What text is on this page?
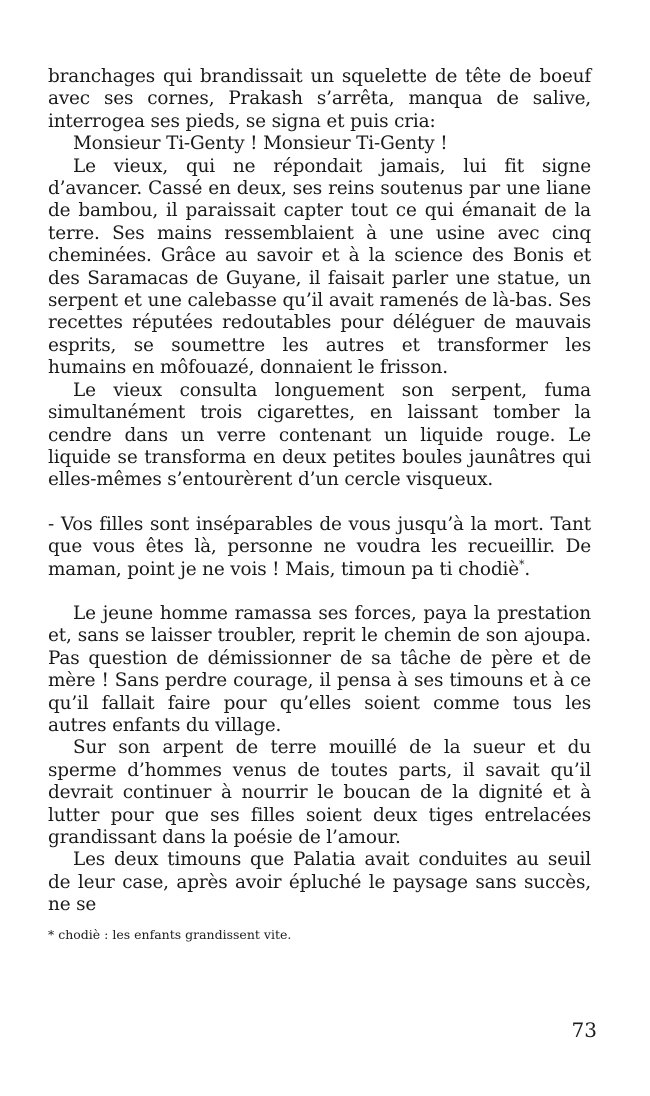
branchages qui brandissait un squelette de tête de boeuf avec ses cornes, Prakash s’arrêta, manqua de salive, interrogea ses pieds, se signa et puis cria:

Monsieur Ti-Genty ! Monsieur Ti-Genty !

Le vieux, qui ne répondait jamais, lui fit signe d’avancer. Cassé en deux, ses reins soutenus par une liane de bambou, il paraissait capter tout ce qui émanait de la terre. Ses mains ressemblaient à une usine avec cinq cheminées. Grâce au savoir et à la science des Bonis et des Saramacas de Guyane, il faisait parler une statue, un serpent et une calebasse qu’il avait ramenés de là-bas. Ses recettes réputées redoutables pour déléguer de mauvais esprits, se soumettre les autres et transformer les humains en môfouazé, donnaient le frisson.

Le vieux consulta longuement son serpent, fuma simultanément trois cigarettes, en laissant tomber la cendre dans un verre contenant un liquide rouge. Le liquide se transforma en deux petites boules jaunâtres qui elles-mêmes s’entourèrent d’un cercle visqueux.

- Vos filles sont inséparables de vous jusqu’à la mort. Tant que vous êtes là, personne ne voudra les recueillir. De maman, point je ne vois ! Mais, timoun pa ti chodiè*.

Le jeune homme ramassa ses forces, paya la prestation et, sans se laisser troubler, reprit le chemin de son ajoupa. Pas question de démissionner de sa tâche de père et de mère ! Sans perdre courage, il pensa à ses timouns et à ce qu’il fallait faire pour qu’elles soient comme tous les autres enfants du village.

Sur son arpent de terre mouillé de la sueur et du sperme d’hommes venus de toutes parts, il savait qu’il devrait continuer à nourrir le boucan de la dignité et à lutter pour que ses filles soient deux tiges entrelacées grandissant dans la poésie de l’amour.

Les deux timouns que Palatia avait conduites au seuil de leur case, après avoir épluché le paysage sans succès, ne se

* chodiè : les enfants grandissent vite.
73
